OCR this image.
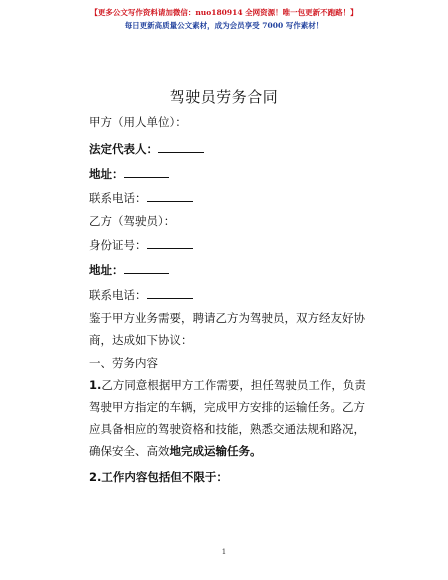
【更多公文写作资料请加微信：nuo180914 全网资源！唯一包更新不跑路！】
每日更新高质量公文素材，成为会员享受 7000 写作素材！
驾驶员劳务合同
甲方（用人单位）：
法定代表人：
地址：
联系电话：
乙方（驾驶员）：
身份证号：
地址：
联系电话：
鉴于甲方业务需要，聘请乙方为驾驶员，双方经友好协商，达成如下协议：
一、劳务内容
1.乙方同意根据甲方工作需要，担任驾驶员工作，负责驾驶甲方指定的车辆，完成甲方安排的运输任务。乙方应具备相应的驾驶资格和技能，熟悉交通法规和路况，确保安全、高效地完成运输任务。
2.工作内容包括但不限于：
1
